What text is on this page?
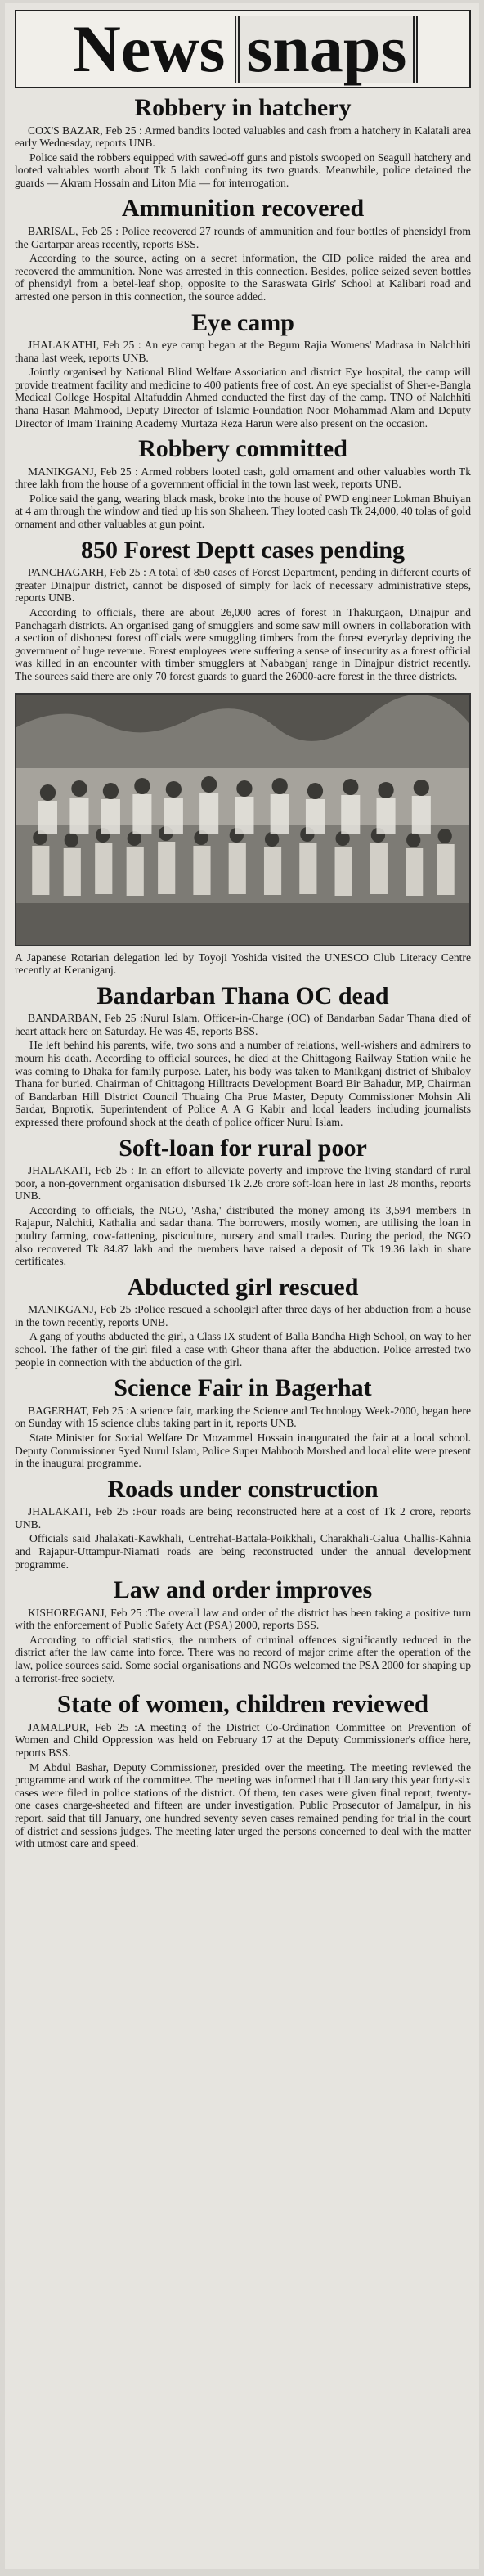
News snaps
Robbery in hatchery

COX'S BAZAR, Feb 25 : Armed bandits looted valuables and cash from a hatchery in Kalatali area early Wednesday, reports UNB.

Police said the robbers equipped with sawed-off guns and pistols swooped on Seagull hatchery and looted valuables worth about Tk 5 lakh confining its two guards. Meanwhile, police detained the guards — Akram Hossain and Liton Mia — for interrogation.

Ammunition recovered

BARISAL, Feb 25 : Police recovered 27 rounds of ammunition and four bottles of phensidyl from the Gartarpar areas recently, reports BSS.

According to the source, acting on a secret information, the CID police raided the area and recovered the ammunition. None was arrested in this connection. Besides, police seized seven bottles of phensidyl from a betel-leaf shop, opposite to the Saraswata Girls' School at Kalibari road and arrested one person in this connection, the source added.

Eye camp

JHALAKATHI, Feb 25 : An eye camp began at the Begum Rajia Womens' Madrasa in Nalchhiti thana last week, reports UNB.

Jointly organised by National Blind Welfare Association and district Eye hospital, the camp will provide treatment facility and medicine to 400 patients free of cost. An eye specialist of Sher-e-Bangla Medical College Hospital Altafuddin Ahmed conducted the first day of the camp. TNO of Nalchhiti thana Hasan Mahmood, Deputy Director of Islamic Foundation Noor Mohammad Alam and Deputy Director of Imam Training Academy Murtaza Reza Harun were also present on the occasion.

Robbery committed

MANIKGANJ, Feb 25 : Armed robbers looted cash, gold ornament and other valuables worth Tk three lakh from the house of a government official in the town last week, reports UNB.

Police said the gang, wearing black mask, broke into the house of PWD engineer Lokman Bhuiyan at 4 am through the window and tied up his son Shaheen. They looted cash Tk 24,000, 40 tolas of gold ornament and other valuables at gun point.

850 Forest Deptt cases pending

PANCHAGARH, Feb 25 : A total of 850 cases of Forest Department, pending in different courts of greater Dinajpur district, cannot be disposed of simply for lack of necessary administrative steps, reports UNB.

According to officials, there are about 26,000 acres of forest in Thakurgaon, Dinajpur and Panchagarh districts. An organised gang of smugglers and some saw mill owners in collaboration with a section of dishonest forest officials were smuggling timbers from the forest everyday depriving the government of huge revenue. Forest employees were suffering a sense of insecurity as a forest official was killed in an encounter with timber smugglers at Nababganj range in Dinajpur district recently. The sources said there are only 70 forest guards to guard the 26000-acre forest in the three districts.

A Japanese Rotarian delegation led by Toyoji Yoshida visited the UNESCO Club Literacy Centre recently at Keraniganj.
Bandarban Thana OC dead

BANDARBAN, Feb 25 :Nurul Islam, Officer-in-Charge (OC) of Bandarban Sadar Thana died of heart attack here on Saturday. He was 45, reports BSS.

He left behind his parents, wife, two sons and a number of relations, well-wishers and admirers to mourn his death. According to official sources, he died at the Chittagong Railway Station while he was coming to Dhaka for family purpose. Later, his body was taken to Manikganj district of Shibaloy Thana for buried. Chairman of Chittagong Hilltracts Development Board Bir Bahadur, MP, Chairman of Bandarban Hill District Council Thuaing Cha Prue Master, Deputy Commissioner Mohsin Ali Sardar, Bnprotik, Superintendent of Police A A G Kabir and local leaders including journalists expressed there profound shock at the death of police officer Nurul Islam.

Soft-loan for rural poor

JHALAKATI, Feb 25 : In an effort to alleviate poverty and improve the living standard of rural poor, a non-government organisation disbursed Tk 2.26 crore soft-loan here in last 28 months, reports UNB.

According to officials, the NGO, 'Asha,' distributed the money among its 3,594 members in Rajapur, Nalchiti, Kathalia and sadar thana. The borrowers, mostly women, are utilising the loan in poultry farming, cow-fattening, pisciculture, nursery and small trades. During the period, the NGO also recovered Tk 84.87 lakh and the members have raised a deposit of Tk 19.36 lakh in share certificates.

Abducted girl rescued

MANIKGANJ, Feb 25 :Police rescued a schoolgirl after three days of her abduction from a house in the town recently, reports UNB.

A gang of youths abducted the girl, a Class IX student of Balla Bandha High School, on way to her school. The father of the girl filed a case with Gheor thana after the abduction. Police arrested two people in connection with the abduction of the girl.

Science Fair in Bagerhat

BAGERHAT, Feb 25 :A science fair, marking the Science and Technology Week-2000, began here on Sunday with 15 science clubs taking part in it, reports UNB.

State Minister for Social Welfare Dr Mozammel Hossain inaugurated the fair at a local school. Deputy Commissioner Syed Nurul Islam, Police Super Mahboob Morshed and local elite were present in the inaugural programme.

Roads under construction

JHALAKATI, Feb 25 :Four roads are being reconstructed here at a cost of Tk 2 crore, reports UNB.

Officials said Jhalakati-Kawkhali, Centrehat-Battala-Poikkhali, Charakhali-Galua Challis-Kahnia and Rajapur-Uttampur-Niamati roads are being reconstructed under the annual development programme.

Law and order improves

KISHOREGANJ, Feb 25 :The overall law and order of the district has been taking a positive turn with the enforcement of Public Safety Act (PSA) 2000, reports BSS.

According to official statistics, the numbers of criminal offences significantly reduced in the district after the law came into force. There was no record of major crime after the operation of the law, police sources said. Some social organisations and NGOs welcomed the PSA 2000 for shaping up a terrorist-free society.

State of women, children reviewed

JAMALPUR, Feb 25 :A meeting of the District Co-Ordination Committee on Prevention of Women and Child Oppression was held on February 17 at the Deputy Commissioner's office here, reports BSS.

M Abdul Bashar, Deputy Commissioner, presided over the meeting. The meeting reviewed the programme and work of the committee. The meeting was informed that till January this year forty-six cases were filed in police stations of the district. Of them, ten cases were given final report, twenty-one cases charge-sheeted and fifteen are under investigation. Public Prosecutor of Jamalpur, in his report, said that till January, one hundred seventy seven cases remained pending for trial in the court of district and sessions judges. The meeting later urged the persons concerned to deal with the matter with utmost care and speed.
